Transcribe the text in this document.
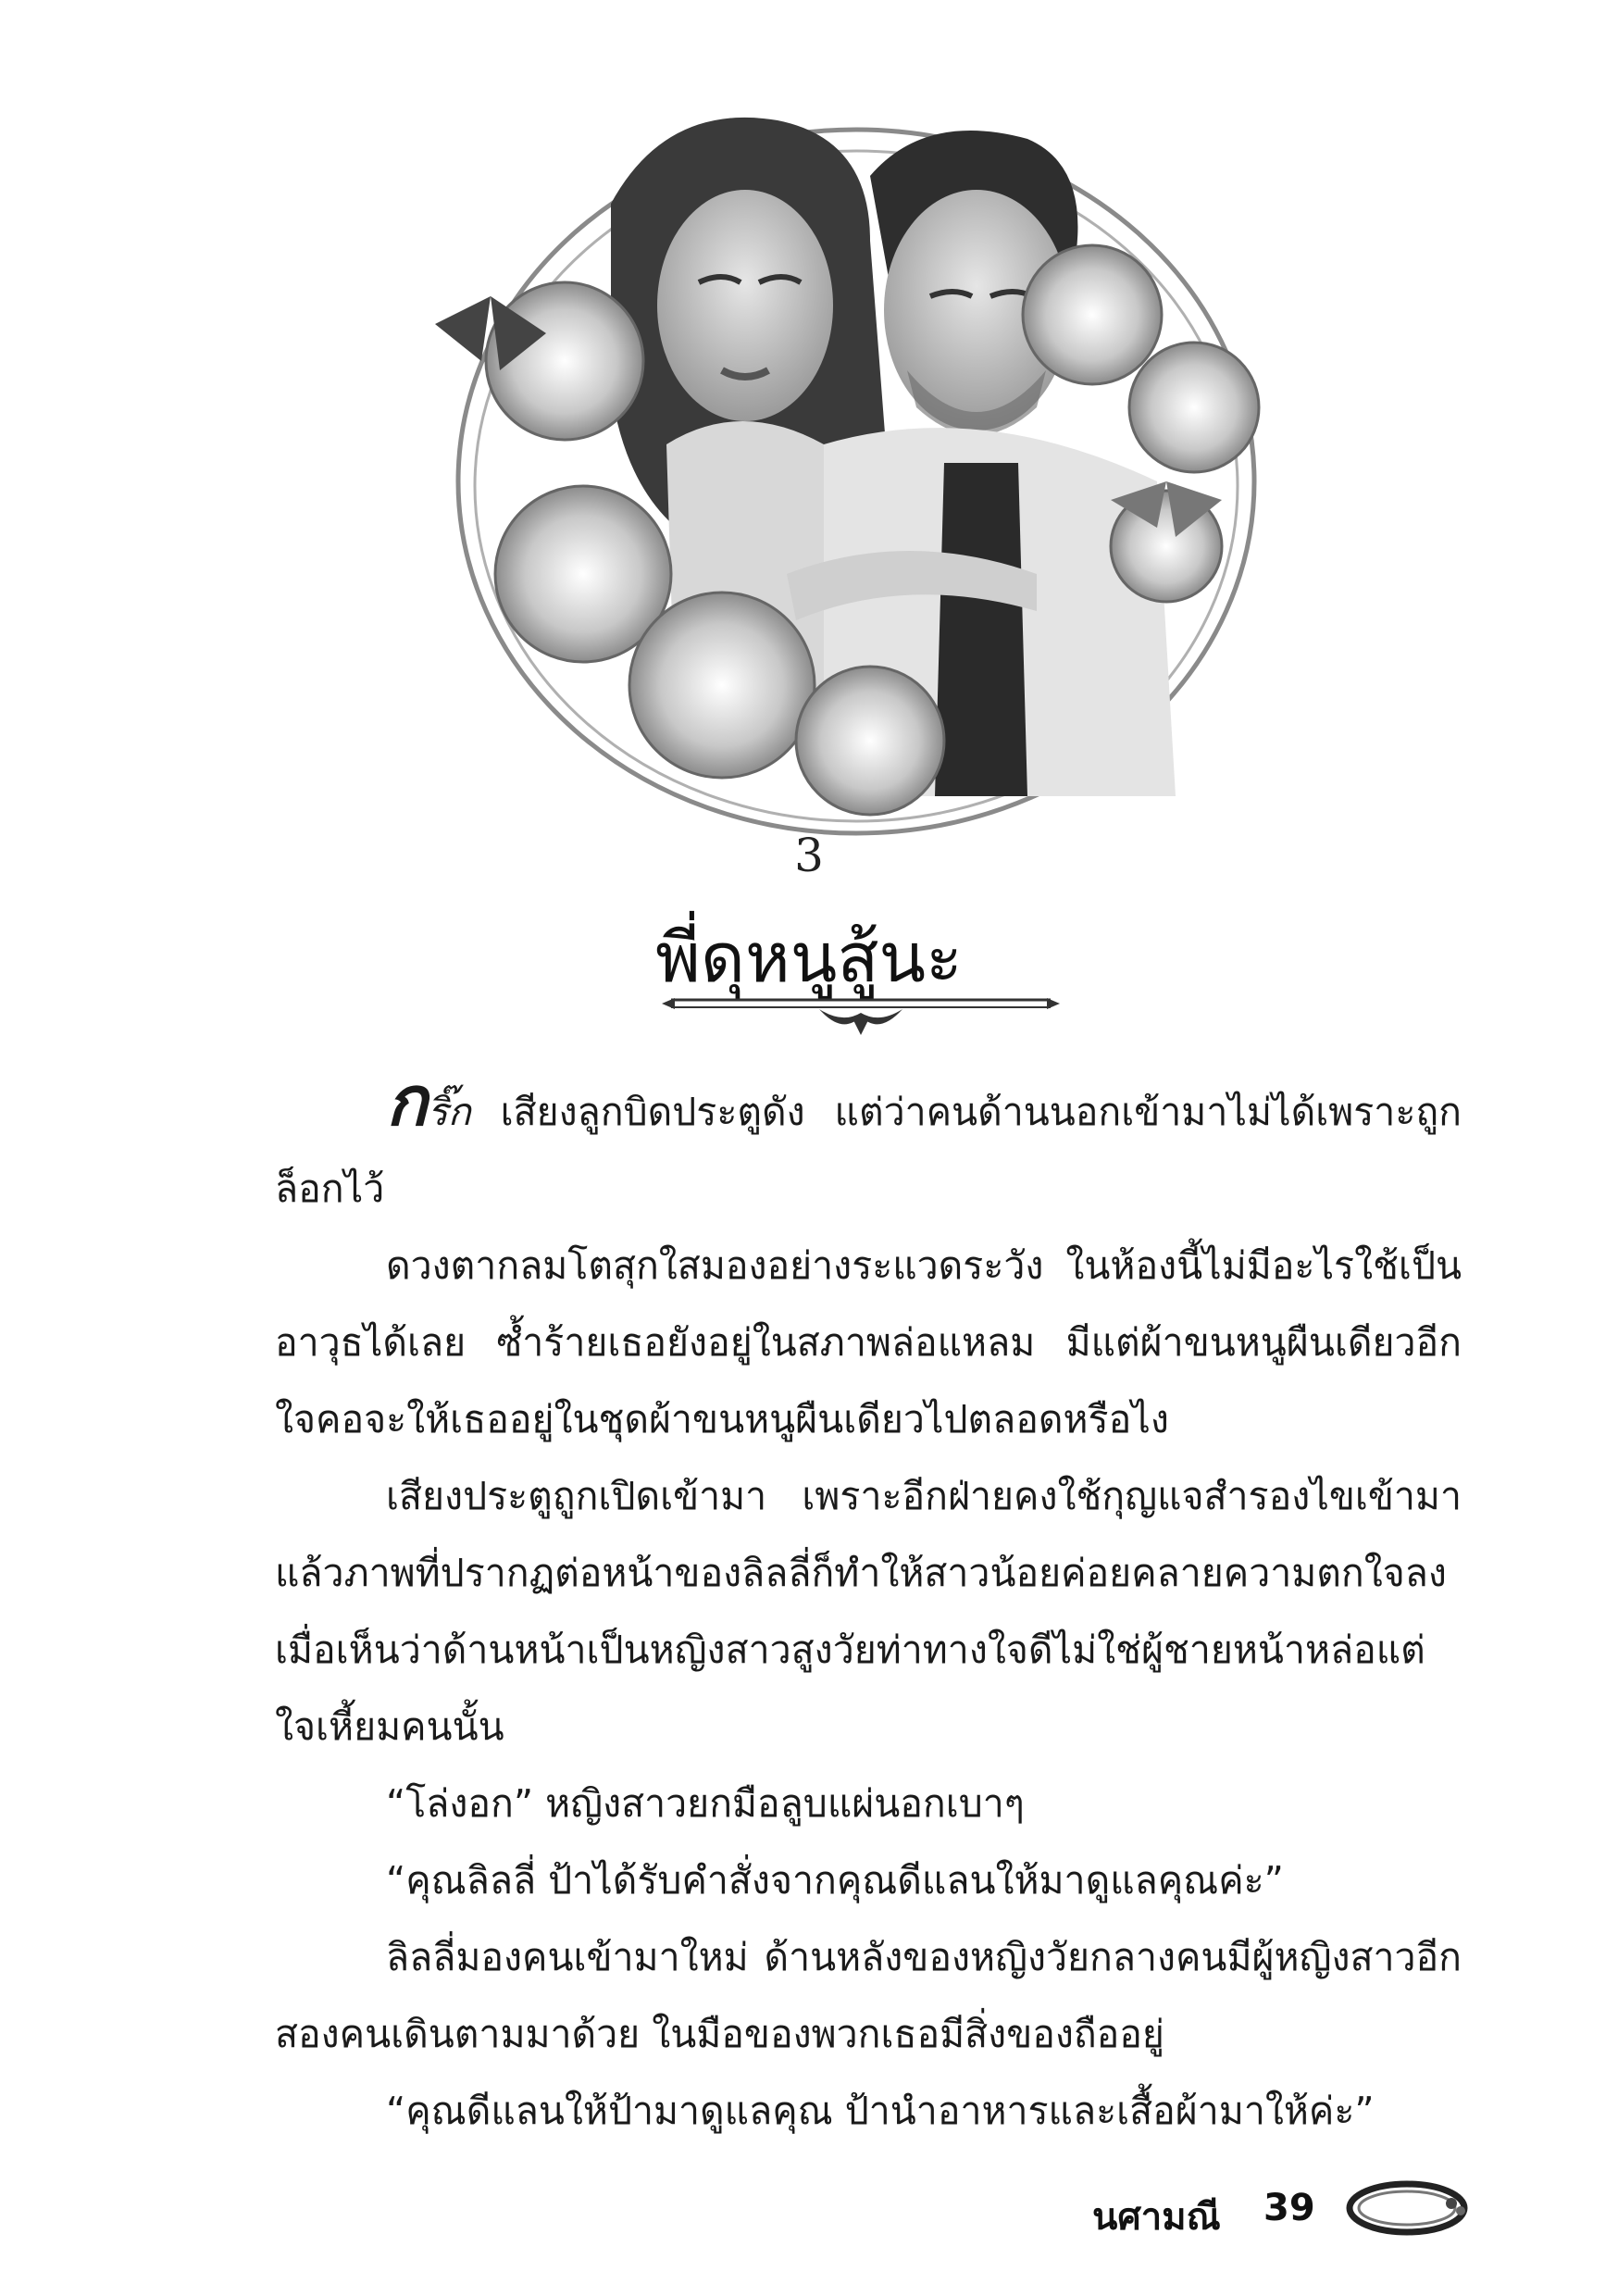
3
พี่ดุหนูสู้นะ

กริ๊ก เสียงลูกบิดประตูดัง แต่ว่าคนด้านนอกเข้ามาไม่ได้เพราะถูกล็อกไว้

ดวงตากลมโตสุกใสมองอย่างระแวดระวัง ในห้องนี้ไม่มีอะไรใช้เป็นอาวุธได้เลย ซ้ำร้ายเธอยังอยู่ในสภาพล่อแหลม มีแต่ผ้าขนหนูผืนเดียวอีกใจคอจะให้เธออยู่ในชุดผ้าขนหนูผืนเดียวไปตลอดหรือไง

เสียงประตูถูกเปิดเข้ามา เพราะอีกฝ่ายคงใช้กุญแจสำรองไขเข้ามาแล้วภาพที่ปรากฏต่อหน้าของลิลลี่ก็ทำให้สาวน้อยค่อยคลายความตกใจลง เมื่อเห็นว่าด้านหน้าเป็นหญิงสาวสูงวัยท่าทางใจดีไม่ใช่ผู้ชายหน้าหล่อแต่ใจเหี้ยมคนนั้น

“โล่งอก” หญิงสาวยกมือลูบแผ่นอกเบาๆ

“คุณลิลลี่ ป้าได้รับคำสั่งจากคุณดีแลนให้มาดูแลคุณค่ะ”

ลิลลี่มองคนเข้ามาใหม่ ด้านหลังของหญิงวัยกลางคนมีผู้หญิงสาวอีกสองคนเดินตามมาด้วย ในมือของพวกเธอมีสิ่งของถืออยู่

“คุณดีแลนให้ป้ามาดูแลคุณ ป้านำอาหารและเสื้อผ้ามาให้ค่ะ”

นศามณี 39
